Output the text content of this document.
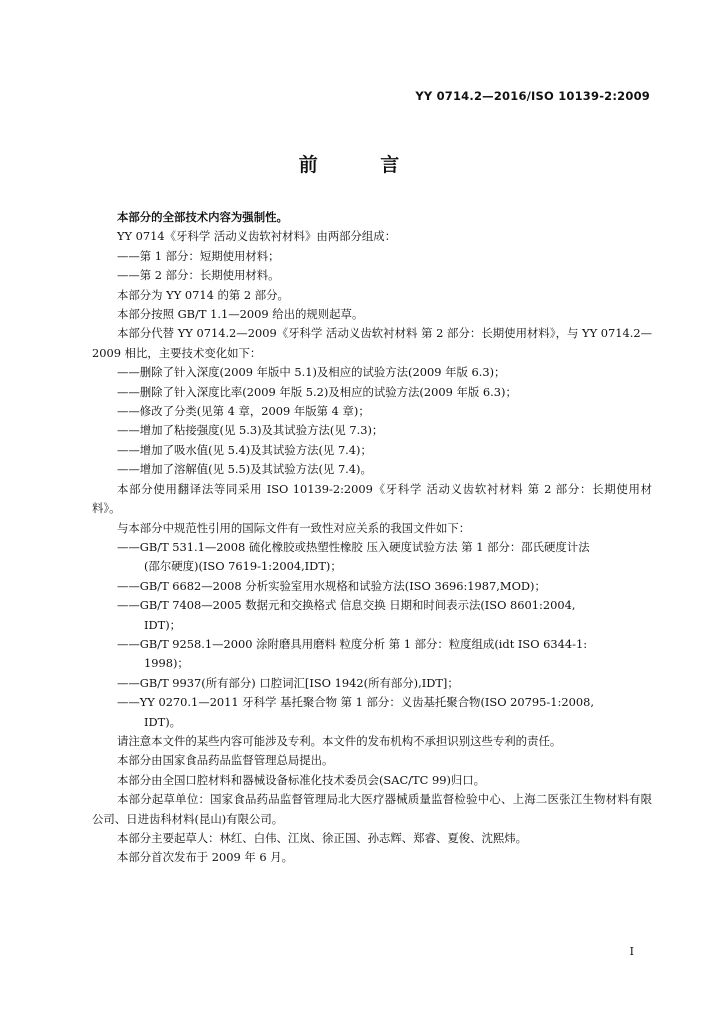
YY 0714.2—2016/ISO 10139-2:2009
前 言
本部分的全部技术内容为强制性。
YY 0714《牙科学 活动义齿软衬材料》由两部分组成：
——第 1 部分：短期使用材料；
——第 2 部分：长期使用材料。
本部分为 YY 0714 的第 2 部分。
本部分按照 GB/T 1.1—2009 给出的规则起草。
本部分代替 YY 0714.2—2009《牙科学 活动义齿软衬材料 第 2 部分：长期使用材料》，与 YY 0714.2—2009 相比，主要技术变化如下：
——删除了针入深度(2009 年版中 5.1)及相应的试验方法(2009 年版 6.3)；
——删除了针入深度比率(2009 年版 5.2)及相应的试验方法(2009 年版 6.3)；
——修改了分类(见第 4 章，2009 年版第 4 章)；
——增加了粘接强度(见 5.3)及其试验方法(见 7.3)；
——增加了吸水值(见 5.4)及其试验方法(见 7.4)；
——增加了溶解值(见 5.5)及其试验方法(见 7.4)。
本部分使用翻译法等同采用 ISO 10139-2:2009《牙科学 活动义齿软衬材料 第 2 部分：长期使用材料》。
与本部分中规范性引用的国际文件有一致性对应关系的我国文件如下：
——GB/T 531.1—2008 硫化橡胶或热塑性橡胶 压入硬度试验方法 第 1 部分：邵氏硬度计法
(邵尔硬度)(ISO 7619-1:2004,IDT)；
——GB/T 6682—2008 分析实验室用水规格和试验方法(ISO 3696:1987,MOD)；
——GB/T 7408—2005 数据元和交换格式 信息交换 日期和时间表示法(ISO 8601:2004,
IDT)；
——GB/T 9258.1—2000 涂附磨具用磨料 粒度分析 第 1 部分：粒度组成(idt ISO 6344-1:
1998)；
——GB/T 9937(所有部分) 口腔词汇[ISO 1942(所有部分),IDT]；
——YY 0270.1—2011 牙科学 基托聚合物 第 1 部分：义齿基托聚合物(ISO 20795-1:2008,
IDT)。
请注意本文件的某些内容可能涉及专利。本文件的发布机构不承担识别这些专利的责任。
本部分由国家食品药品监督管理总局提出。
本部分由全国口腔材料和器械设备标准化技术委员会(SAC/TC 99)归口。
本部分起草单位：国家食品药品监督管理局北大医疗器械质量监督检验中心、上海二医张江生物材料有限公司、日进齿科材料(昆山)有限公司。
本部分主要起草人：林红、白伟、江岚、徐正国、孙志辉、郑睿、夏俊、沈熙炜。
本部分首次发布于 2009 年 6 月。
I
